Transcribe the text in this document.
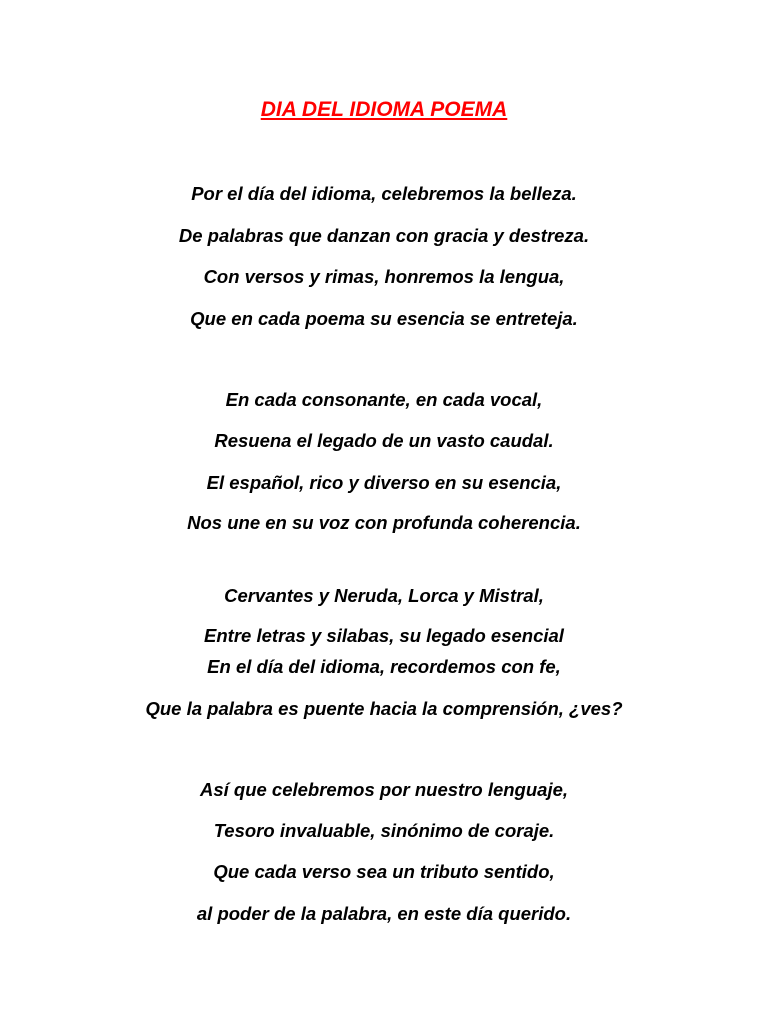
DIA DEL IDIOMA POEMA
Por el día del idioma, celebremos la belleza.
De palabras que danzan con gracia y destreza.
Con versos y rimas, honremos la lengua,
Que en cada poema su esencia se entreteja.
En cada consonante, en cada vocal,
Resuena el legado de un vasto caudal.
El español, rico y diverso en su esencia,
Nos une en su voz con profunda coherencia.
Cervantes y Neruda, Lorca y Mistral,
Entre letras y silabas, su legado esencial
En el día del idioma, recordemos con fe,
Que la palabra es puente hacia la comprensión, ¿ves?
Así que celebremos por nuestro lenguaje,
Tesoro invaluable, sinónimo de coraje.
Que cada verso sea un tributo sentido,
al poder de la palabra, en este día querido.
